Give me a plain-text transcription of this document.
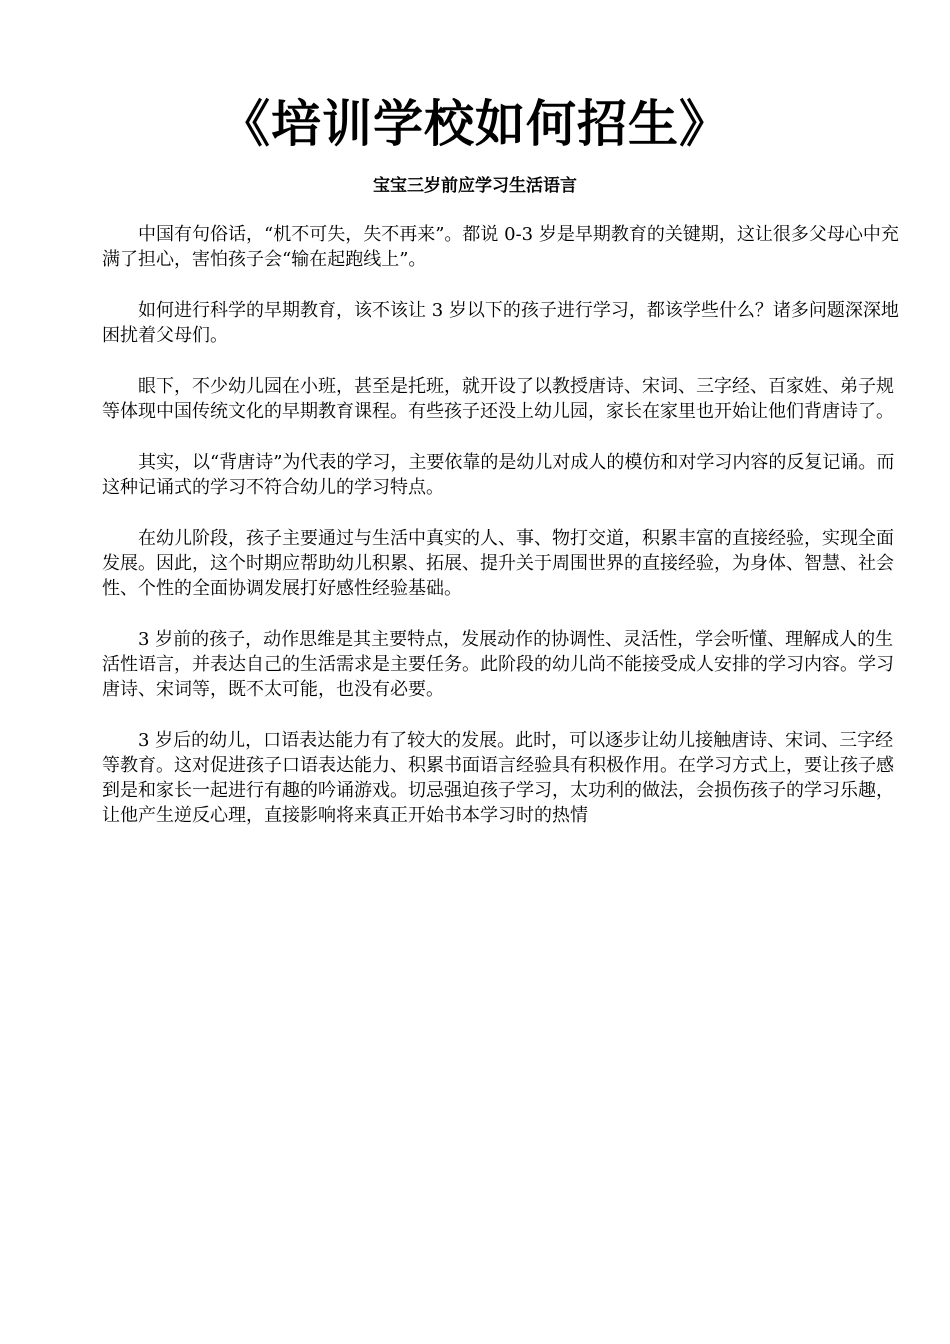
《培训学校如何招生》
宝宝三岁前应学习生活语言

中国有句俗话，“机不可失，失不再来”。都说 0-3 岁是早期教育的关键期，这让很多父母心中充满了担心，害怕孩子会“输在起跑线上”。

如何进行科学的早期教育，该不该让 3 岁以下的孩子进行学习，都该学些什么？诸多问题深深地困扰着父母们。

眼下，不少幼儿园在小班，甚至是托班，就开设了以教授唐诗、宋词、三字经、百家姓、弟子规等体现中国传统文化的早期教育课程。有些孩子还没上幼儿园，家长在家里也开始让他们背唐诗了。

其实，以“背唐诗”为代表的学习，主要依靠的是幼儿对成人的模仿和对学习内容的反复记诵。而这种记诵式的学习不符合幼儿的学习特点。

在幼儿阶段，孩子主要通过与生活中真实的人、事、物打交道，积累丰富的直接经验，实现全面发展。因此，这个时期应帮助幼儿积累、拓展、提升关于周围世界的直接经验，为身体、智慧、社会性、个性的全面协调发展打好感性经验基础。

3 岁前的孩子，动作思维是其主要特点，发展动作的协调性、灵活性，学会听懂、理解成人的生活性语言，并表达自己的生活需求是主要任务。此阶段的幼儿尚不能接受成人安排的学习内容。学习唐诗、宋词等，既不太可能，也没有必要。

3 岁后的幼儿，口语表达能力有了较大的发展。此时，可以逐步让幼儿接触唐诗、宋词、三字经等教育。这对促进孩子口语表达能力、积累书面语言经验具有积极作用。在学习方式上，要让孩子感到是和家长一起进行有趣的吟诵游戏。切忌强迫孩子学习，太功利的做法，会损伤孩子的学习乐趣，让他产生逆反心理，直接影响将来真正开始书本学习时的热情
